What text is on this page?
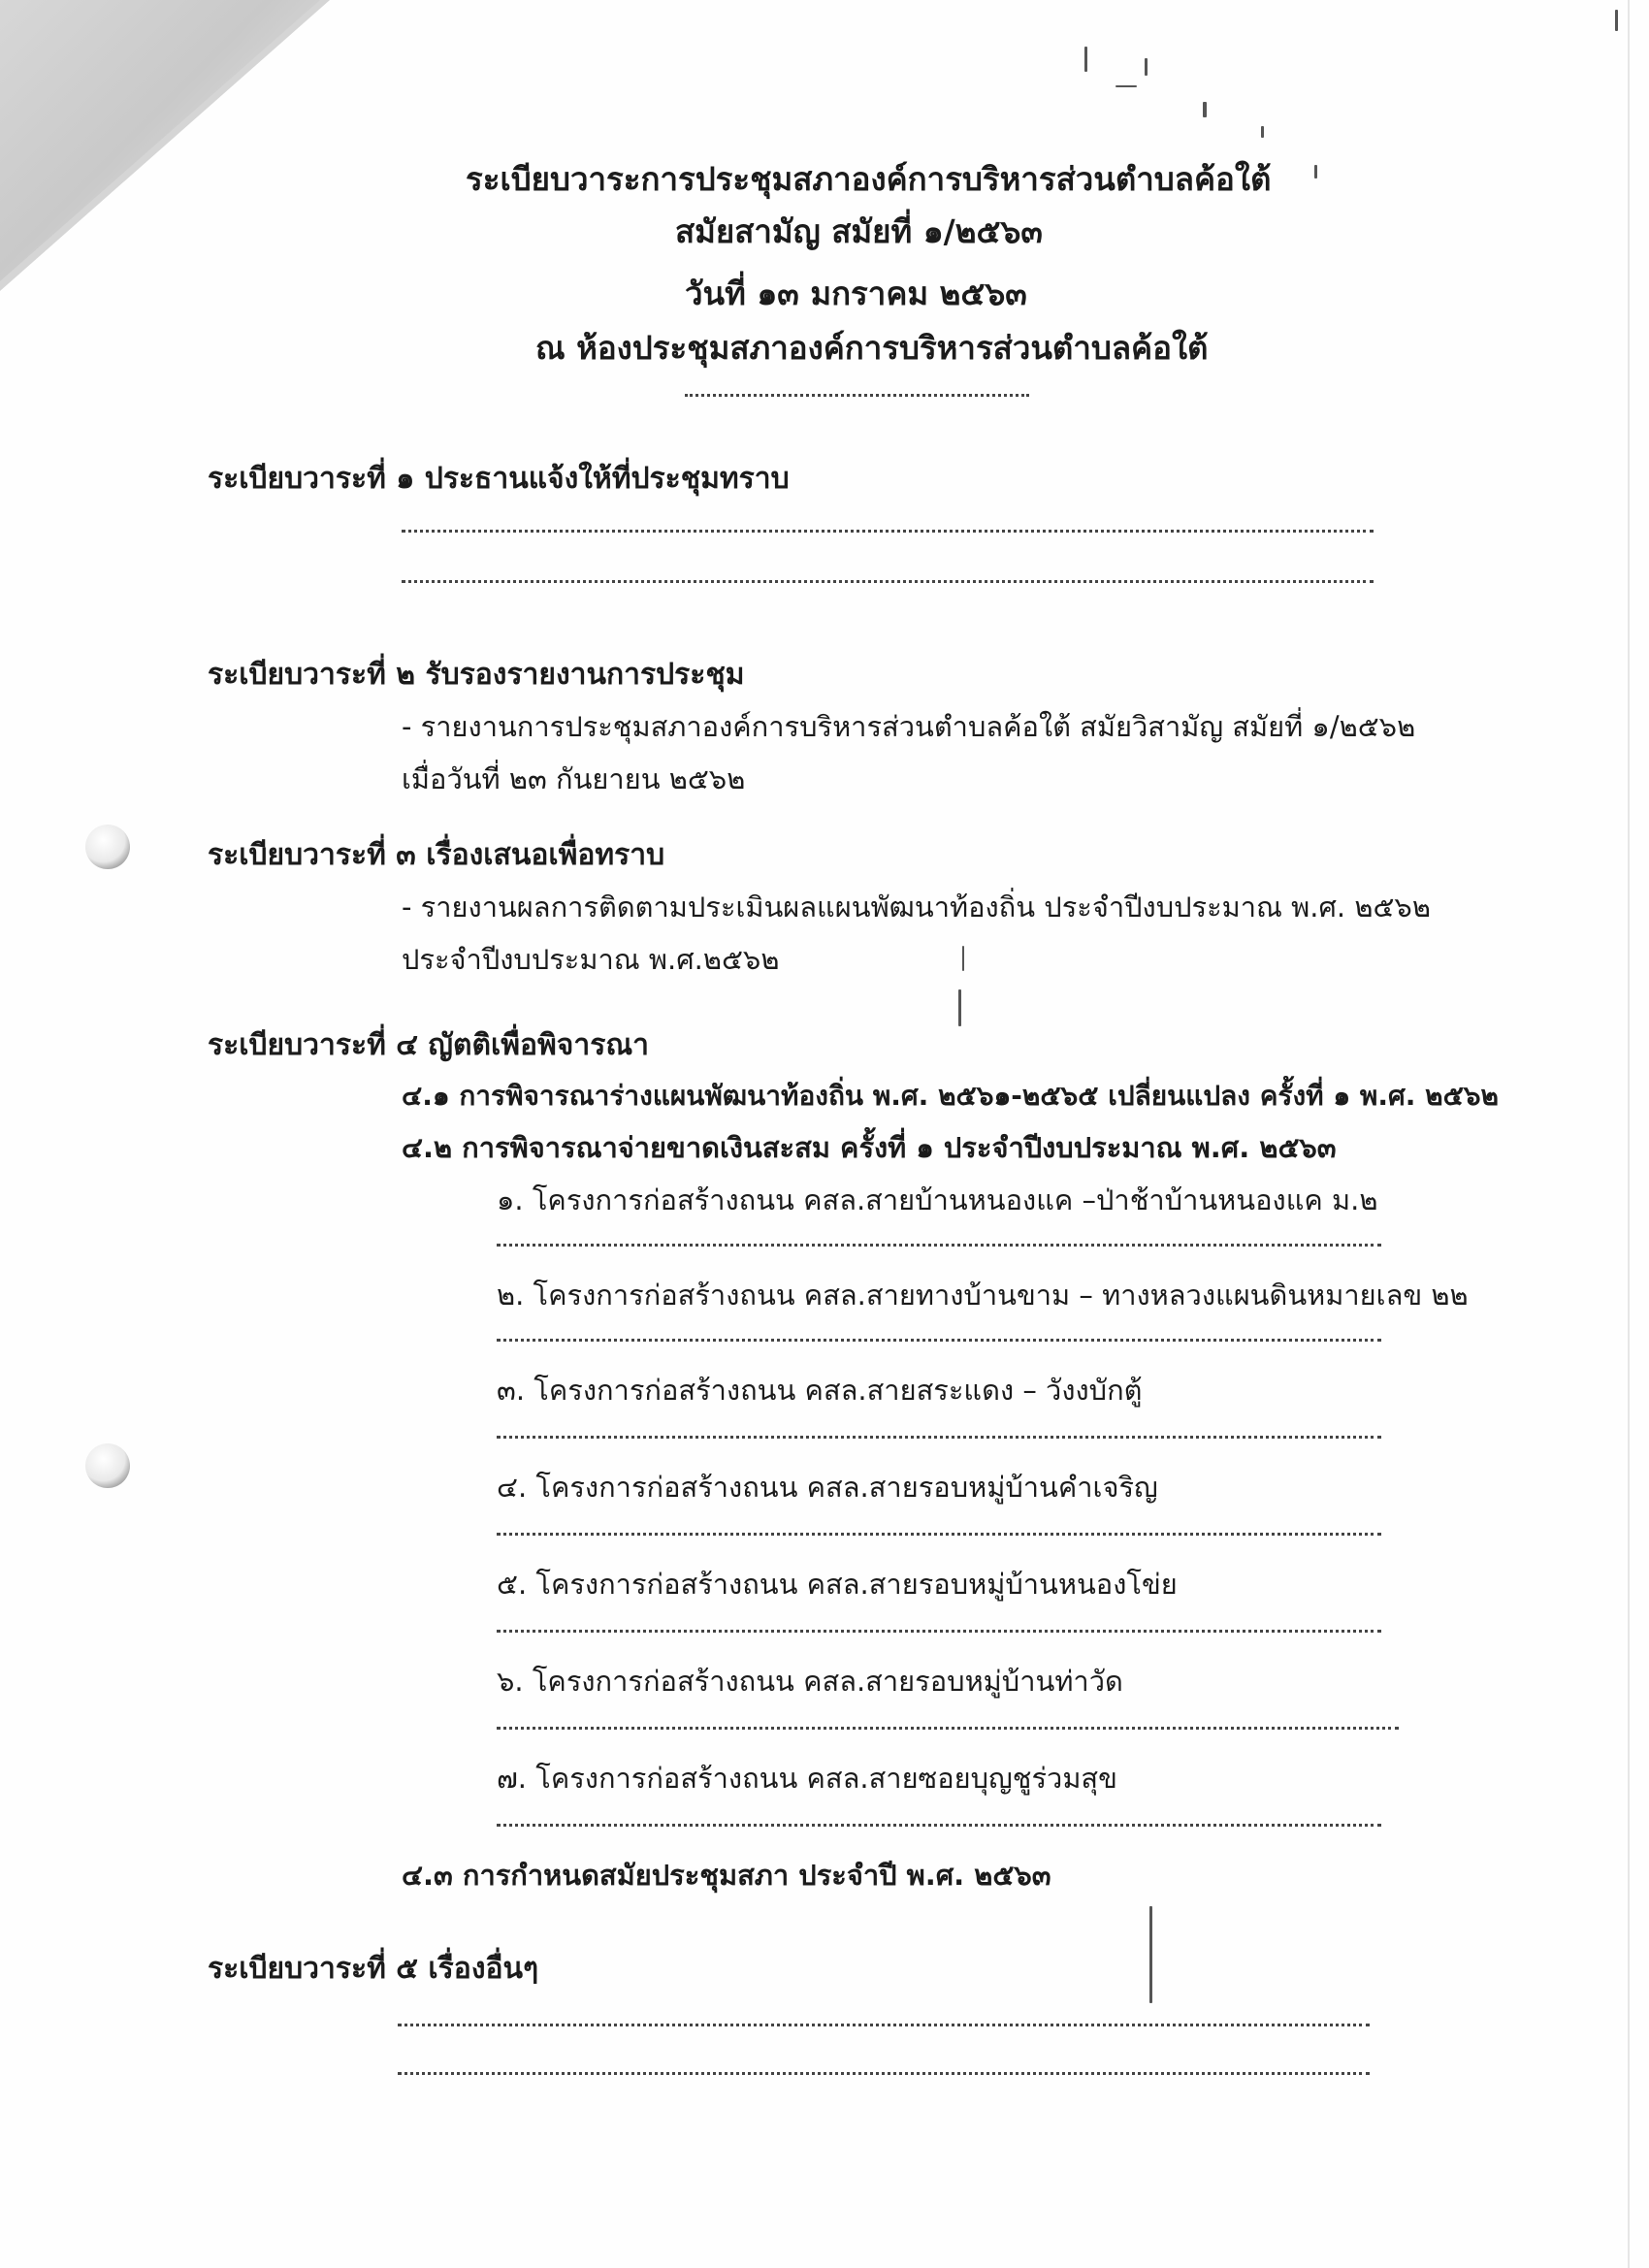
ระเบียบวาระการประชุมสภาองค์การบริหารส่วนตำบลค้อใต้
สมัยสามัญ สมัยที่ ๑/๒๕๖๓
วันที่ ๑๓ มกราคม ๒๕๖๓
ณ ห้องประชุมสภาองค์การบริหารส่วนตำบลค้อใต้
ระเบียบวาระที่ ๑ ประธานแจ้งให้ที่ประชุมทราบ
ระเบียบวาระที่ ๒ รับรองรายงานการประชุม
- รายงานการประชุมสภาองค์การบริหารส่วนตำบลค้อใต้ สมัยวิสามัญ สมัยที่ ๑/๒๕๖๒
เมื่อวันที่ ๒๓ กันยายน ๒๕๖๒
ระเบียบวาระที่ ๓ เรื่องเสนอเพื่อทราบ
- รายงานผลการติดตามประเมินผลแผนพัฒนาท้องถิ่น ประจำปีงบประมาณ พ.ศ. ๒๕๖๒
ประจำปีงบประมาณ พ.ศ.๒๕๖๒
ระเบียบวาระที่ ๔ ญัตติเพื่อพิจารณา
๔.๑ การพิจารณาร่างแผนพัฒนาท้องถิ่น พ.ศ. ๒๕๖๑-๒๕๖๕ เปลี่ยนแปลง ครั้งที่ ๑ พ.ศ. ๒๕๖๒
๔.๒ การพิจารณาจ่ายขาดเงินสะสม ครั้งที่ ๑ ประจำปีงบประมาณ พ.ศ. ๒๕๖๓
๑. โครงการก่อสร้างถนน คสล.สายบ้านหนองแค –ป่าช้าบ้านหนองแค ม.๒
๒. โครงการก่อสร้างถนน คสล.สายทางบ้านขาม – ทางหลวงแผนดินหมายเลข ๒๒
๓. โครงการก่อสร้างถนน คสล.สายสระแดง – วังงบักตู้
๔. โครงการก่อสร้างถนน คสล.สายรอบหมู่บ้านคำเจริญ
๕. โครงการก่อสร้างถนน คสล.สายรอบหมู่บ้านหนองโข่ย
๖. โครงการก่อสร้างถนน คสล.สายรอบหมู่บ้านท่าวัด
๗. โครงการก่อสร้างถนน คสล.สายซอยบุญชูร่วมสุข
๔.๓ การกำหนดสมัยประชุมสภา ประจำปี พ.ศ. ๒๕๖๓
ระเบียบวาระที่ ๕ เรื่องอื่นๆ
